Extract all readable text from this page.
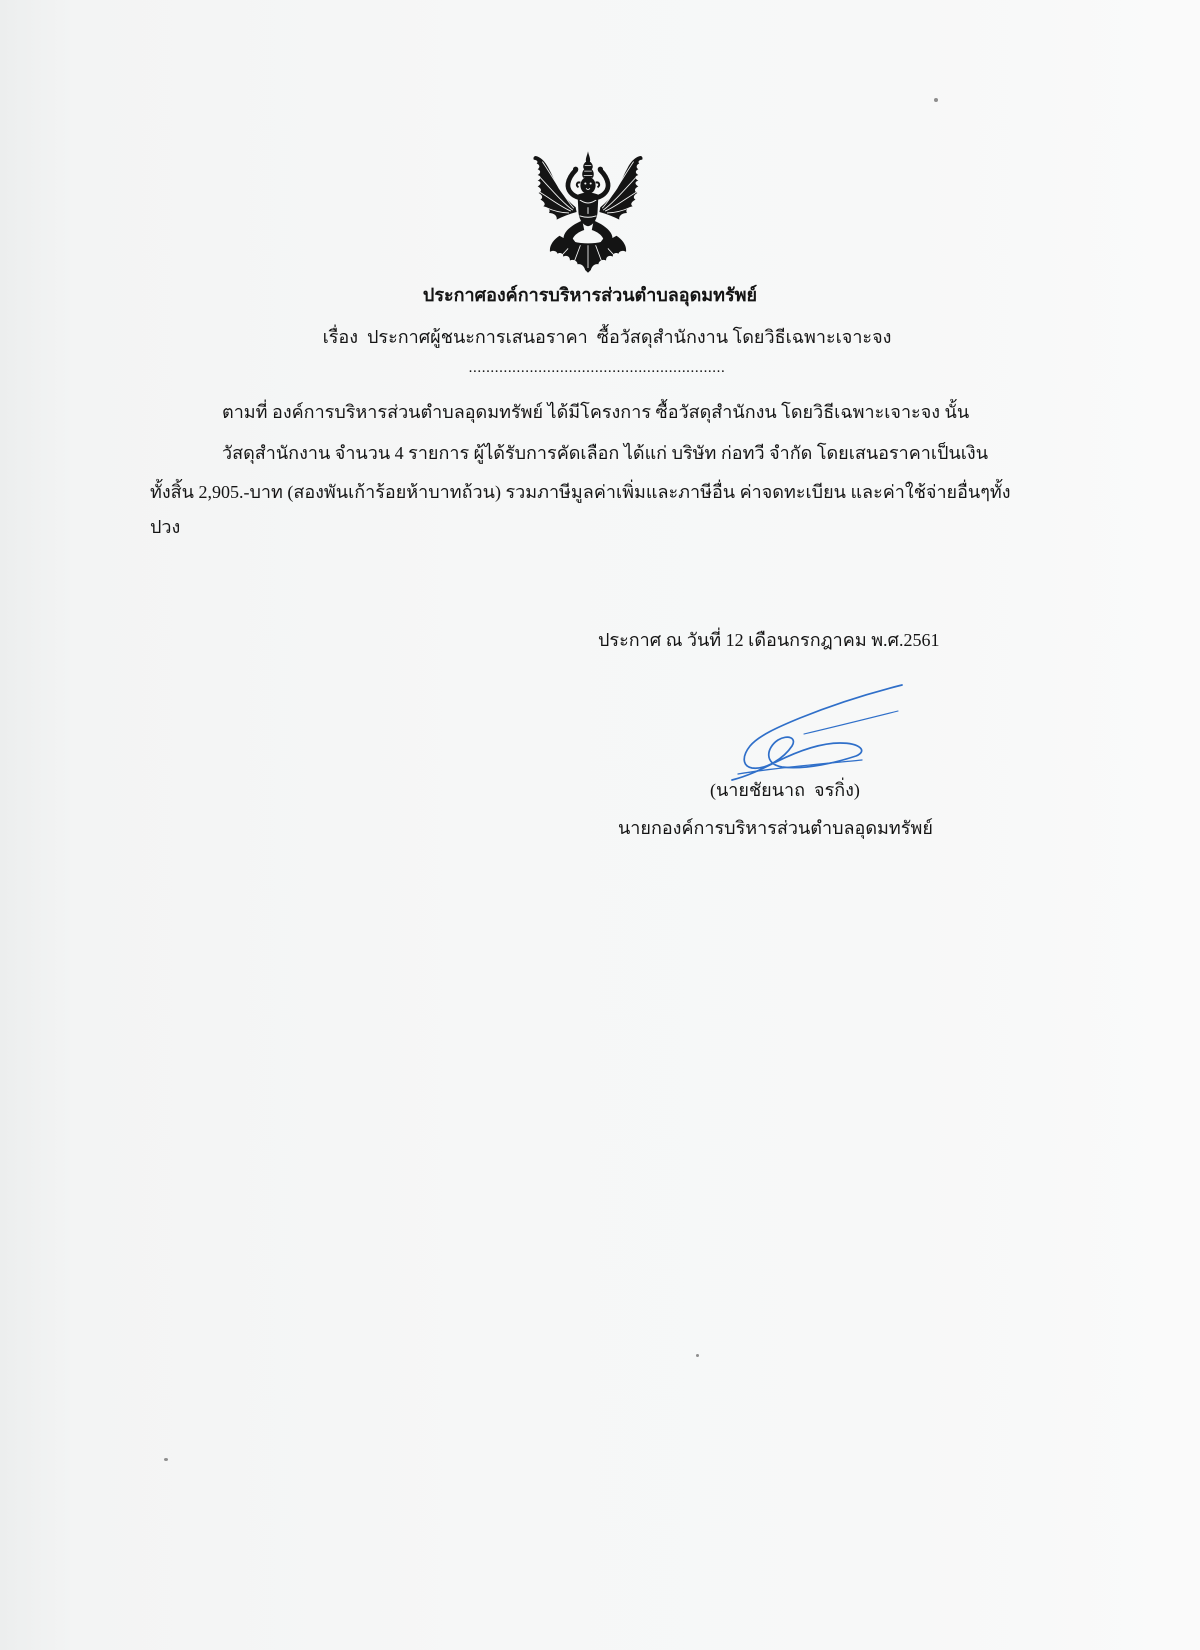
ประกาศองค์การบริหารส่วนตำบลอุดมทรัพย์
เรื่อง  ประกาศผู้ชนะการเสนอราคา  ซื้อวัสดุสำนักงาน โดยวิธีเฉพาะเจาะจง
...........................................................
ตามที่ องค์การบริหารส่วนตำบลอุดมทรัพย์ ได้มีโครงการ ซื้อวัสดุสำนักงน โดยวิธีเฉพาะเจาะจง นั้น
วัสดุสำนักงาน จำนวน 4 รายการ ผู้ได้รับการคัดเลือก ได้แก่ บริษัท ก่อทวี จำกัด โดยเสนอราคาเป็นเงิน
ทั้งสิ้น 2,905.-บาท (สองพันเก้าร้อยห้าบาทถ้วน) รวมภาษีมูลค่าเพิ่มและภาษีอื่น ค่าจดทะเบียน และค่าใช้จ่ายอื่นๆทั้ง
ปวง
ประกาศ ณ วันที่ 12 เดือนกรกฎาคม พ.ศ.2561
(นายชัยนาถ  จรกิ่ง)
นายกองค์การบริหารส่วนตำบลอุดมทรัพย์
